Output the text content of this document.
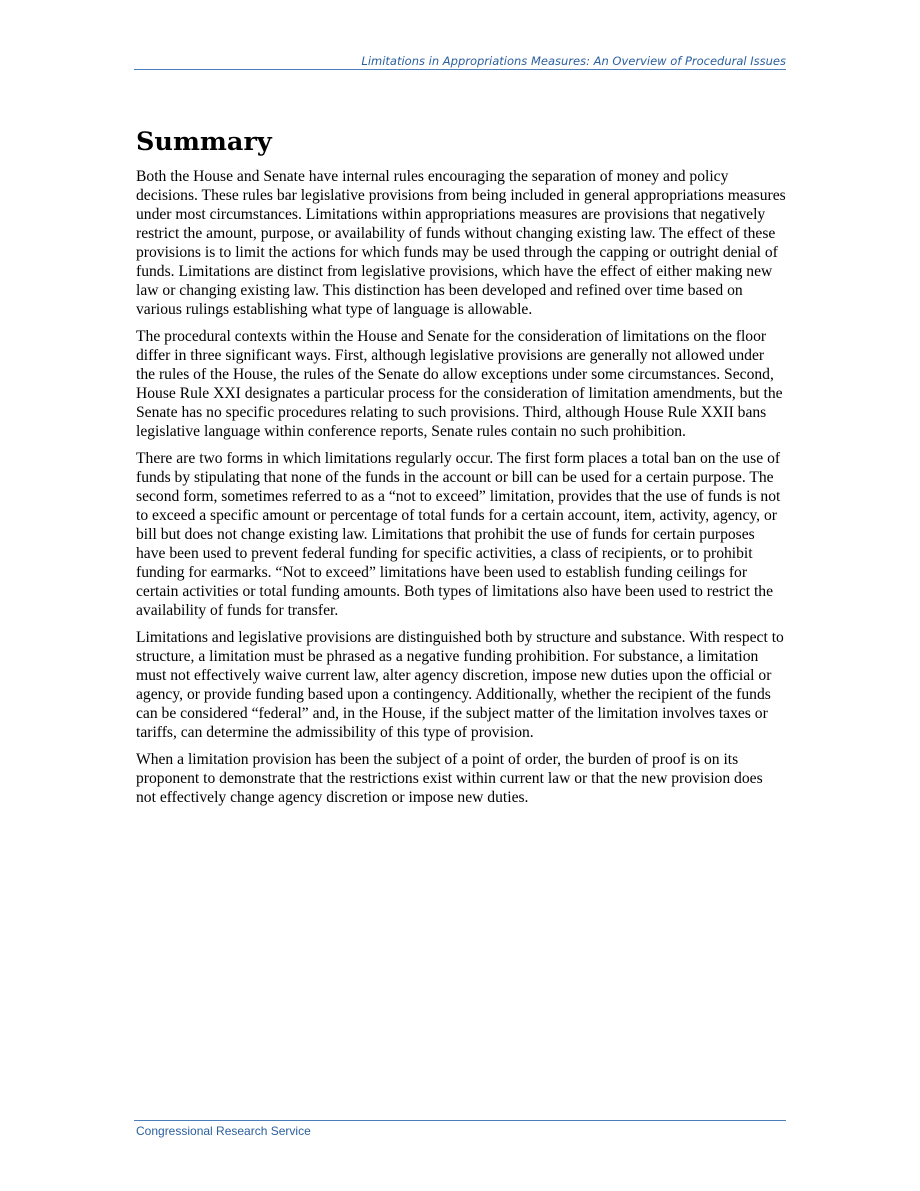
Limitations in Appropriations Measures: An Overview of Procedural Issues
Summary

Both the House and Senate have internal rules encouraging the separation of money and policy decisions. These rules bar legislative provisions from being included in general appropriations measures under most circumstances. Limitations within appropriations measures are provisions that negatively restrict the amount, purpose, or availability of funds without changing existing law. The effect of these provisions is to limit the actions for which funds may be used through the capping or outright denial of funds. Limitations are distinct from legislative provisions, which have the effect of either making new law or changing existing law. This distinction has been developed and refined over time based on various rulings establishing what type of language is allowable.

The procedural contexts within the House and Senate for the consideration of limitations on the floor differ in three significant ways. First, although legislative provisions are generally not allowed under the rules of the House, the rules of the Senate do allow exceptions under some circumstances. Second, House Rule XXI designates a particular process for the consideration of limitation amendments, but the Senate has no specific procedures relating to such provisions. Third, although House Rule XXII bans legislative language within conference reports, Senate rules contain no such prohibition.

There are two forms in which limitations regularly occur. The first form places a total ban on the use of funds by stipulating that none of the funds in the account or bill can be used for a certain purpose. The second form, sometimes referred to as a “not to exceed” limitation, provides that the use of funds is not to exceed a specific amount or percentage of total funds for a certain account, item, activity, agency, or bill but does not change existing law. Limitations that prohibit the use of funds for certain purposes have been used to prevent federal funding for specific activities, a class of recipients, or to prohibit funding for earmarks. “Not to exceed” limitations have been used to establish funding ceilings for certain activities or total funding amounts. Both types of limitations also have been used to restrict the availability of funds for transfer.

Limitations and legislative provisions are distinguished both by structure and substance. With respect to structure, a limitation must be phrased as a negative funding prohibition. For substance, a limitation must not effectively waive current law, alter agency discretion, impose new duties upon the official or agency, or provide funding based upon a contingency. Additionally, whether the recipient of the funds can be considered “federal” and, in the House, if the subject matter of the limitation involves taxes or tariffs, can determine the admissibility of this type of provision.

When a limitation provision has been the subject of a point of order, the burden of proof is on its proponent to demonstrate that the restrictions exist within current law or that the new provision does not effectively change agency discretion or impose new duties.

Congressional Research Service
